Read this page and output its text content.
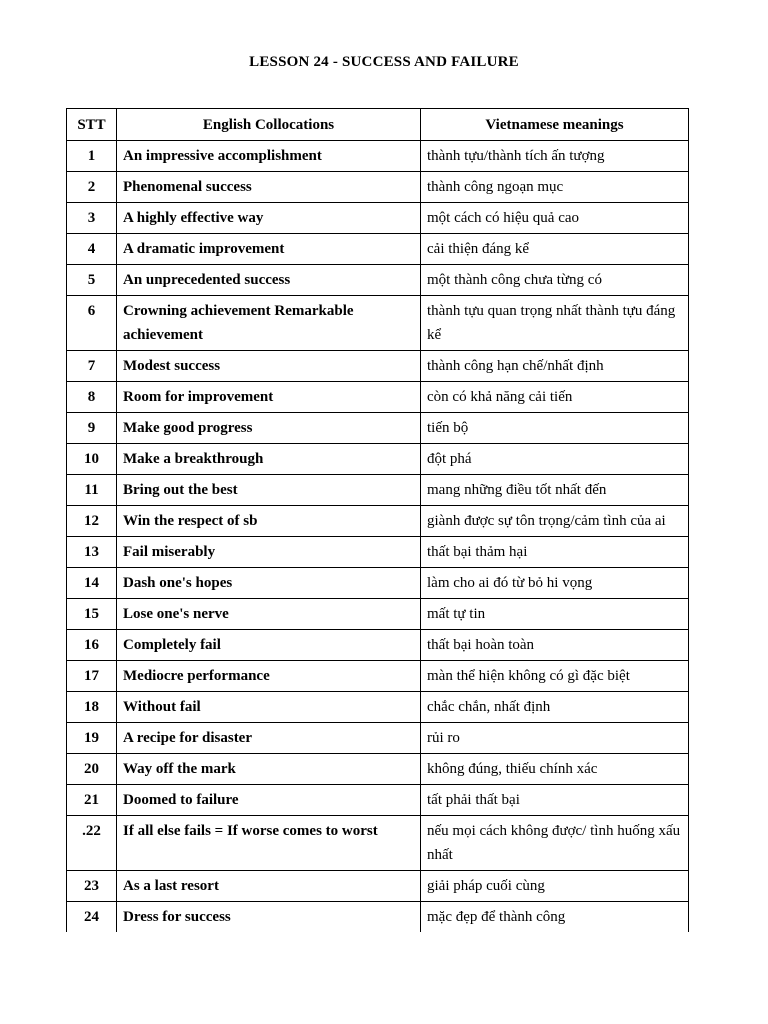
LESSON 24 - SUCCESS AND FAILURE
STT	English Collocations	Vietnamese meanings
1	An impressive accomplishment	thành tựu/thành tích ấn tượng
2	Phenomenal success	thành công ngoạn mục
3	A highly effective way	một cách có hiệu quả cao
4	A dramatic improvement	cải thiện đáng kể
5	An unprecedented success	một thành công chưa từng có
6	Crowning achievement Remarkable achievement	thành tựu quan trọng nhất thành tựu đáng kể
7	Modest success	thành công hạn chế/nhất định
8	Room for improvement	còn có khả năng cải tiến
9	Make good progress	tiến bộ
10	Make a breakthrough	đột phá
11	Bring out the best	mang những điều tốt nhất đến
12	Win the respect of sb	giành được sự tôn trọng/cảm tình của ai
13	Fail miserably	thất bại thảm hại
14	Dash one's hopes	làm cho ai đó từ bỏ hi vọng
15	Lose one's nerve	mất tự tin
16	Completely fail	thất bại hoàn toàn
17	Mediocre performance	màn thể hiện không có gì đặc biệt
18	Without fail	chắc chắn, nhất định
19	A recipe for disaster	rủi ro
20	Way off the mark	không đúng, thiếu chính xác
21	Doomed to failure	tất phải thất bại
.22	If all else fails = If worse comes to worst	nếu mọi cách không được/ tình huống xấu nhất
23	As a last resort	giải pháp cuối cùng
24	Dress for success	mặc đẹp để thành công
